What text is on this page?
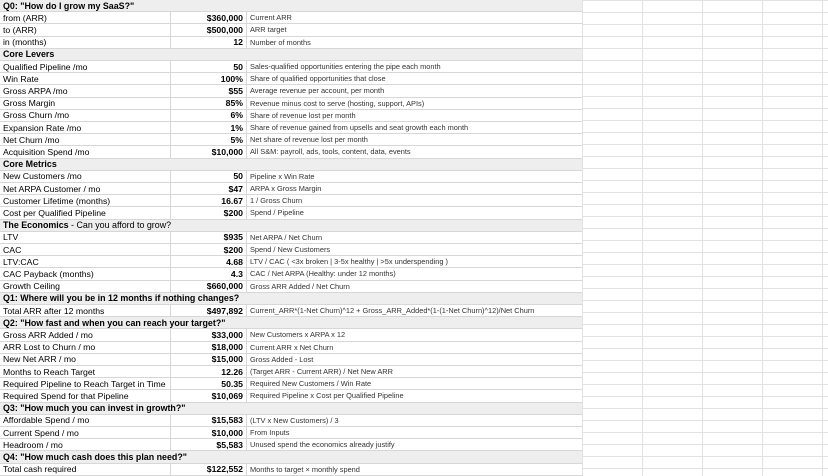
Q0: "How do I grow my SaaS?"
from (ARR)	$360,000 Current ARR
to (ARR)	$500,000 ARR target
in (months)	12 Number of months
Core Levers
Qualified Pipeline /mo	50 Sales-qualified opportunities entering the pipe each month
Win Rate	100% Share of qualified opportunities that close
Gross ARPA /mo	$55 Average revenue per account, per month
Gross Margin	85% Revenue minus cost to serve (hosting, support, APIs)
Gross Churn /mo	6% Share of revenue lost per month
Expansion Rate /mo	1% Share of revenue gained from upsells and seat growth each month
Net Churn /mo	5% Net share of revenue lost per month
Acquisition Spend /mo	$10,000 All S&M: payroll, ads, tools, content, data, events
Core Metrics
New Customers /mo	50 Pipeline x Win Rate
Net ARPA Customer / mo	$47 ARPA x Gross Margin
Customer Lifetime (months)	16.67 1 / Gross Churn
Cost per Qualified Pipeline	$200 Spend / Pipeline
The Economics - Can you afford to grow?
LTV	$935 Net ARPA / Net Churn
CAC	$200 Spend / New Customers
LTV:CAC	4.68 LTV / CAC ( <3x broken | 3-5x healthy | >5x underspending )
CAC Payback (months)	4.3 CAC / Net ARPA (Healthy: under 12 months)
Growth Ceiling	$660,000 Gross ARR Added / Net Churn
Q1: Where will you be in 12 months if nothing changes?
Total ARR after 12 months	$497,892 Current_ARR*(1-Net Churn)^12 + Gross_ARR_Added*(1-(1-Net Churn)^12)/Net Churn
Q2: "How fast and when you can reach your target?"
Gross ARR Added / mo	$33,000 New Customers x ARPA x 12
ARR Lost to Churn / mo	$18,000 Current ARR x Net Churn
New Net ARR / mo	$15,000 Gross Added - Lost
Months to Reach Target	12.26 (Target ARR - Current ARR) / Net New ARR
Required Pipeline to Reach Target in Time	50.35 Required New Customers / Win Rate
Required Spend for that Pipeline	$10,069 Required Pipeline x Cost per Qualified Pipeline
Q3: "How much you can invest in growth?"
Affordable Spend / mo	$15,583 (LTV x New Customers) / 3
Current Spend / mo	$10,000 From Inputs
Headroom / mo	$5,583 Unused spend the economics already justify
Q4: "How much cash does this plan need?"
Total cash required	$122,552 Months to target × monthly spend
